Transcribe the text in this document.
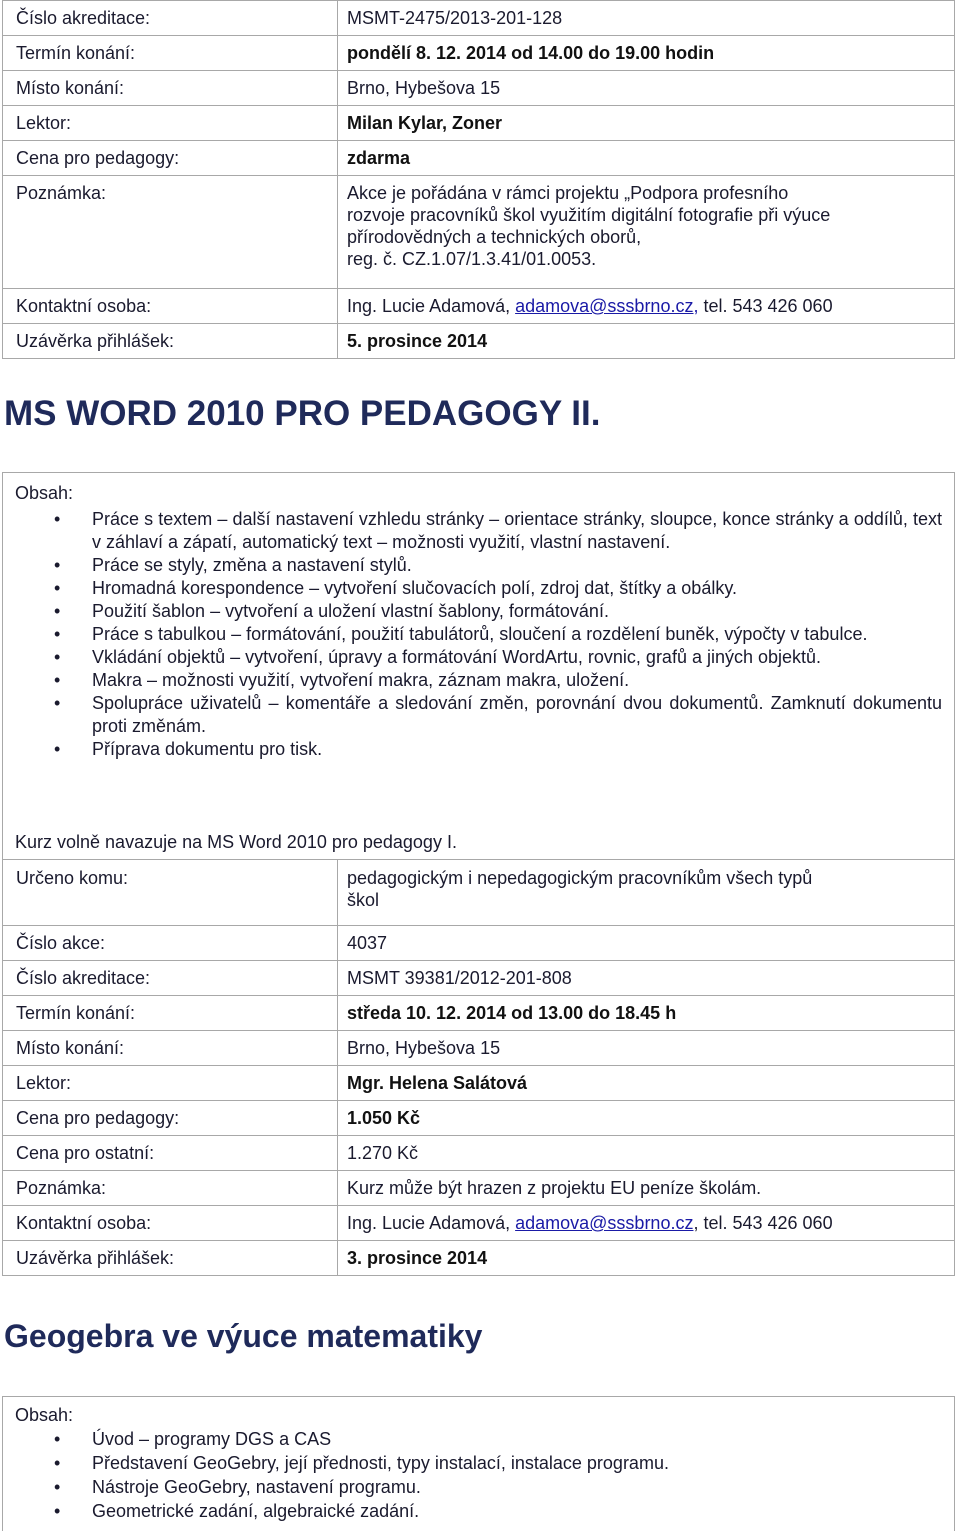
Číslo akreditace:	MSMT-2475/2013-201-128
Termín konání:	pondělí 8. 12. 2014 od 14.00 do 19.00 hodin
Místo konání:	Brno, Hybešova 15
Lektor:	Milan Kylar, Zoner
Cena pro pedagogy:	zdarma
Poznámka:	Akce je pořádána v rámci projektu „Podpora profesního
rozvoje pracovníků škol využitím digitální fotografie při výuce
přírodovědných a technických oborů,
reg. č. CZ.1.07/1.3.41/01.0053.

Kontaktní osoba:	Ing. Lucie Adamová, adamova@sssbrno.cz, tel. 543 426 060
Uzávěrka přihlášek:	5. prosince 2014
MS WORD 2010 PRO PEDAGOGY II.
Obsah:
• Práce s textem – další nastavení vzhledu stránky – orientace stránky, sloupce, konce stránky a oddílů, text v záhlaví a zápatí, automatický text – možnosti využití, vlastní nastavení.
• Práce se styly, změna a nastavení stylů.
• Hromadná korespondence – vytvoření slučovacích polí, zdroj dat, štítky a obálky.
• Použití šablon – vytvoření a uložení vlastní šablony, formátování.
• Práce s tabulkou – formátování, použití tabulátorů, sloučení a rozdělení buněk, výpočty v tabulce.
• Vkládání objektů – vytvoření, úpravy a formátování WordArtu, rovnic, grafů a jiných objektů.
• Makra – možnosti využití, vytvoření makra, záznam makra, uložení.
• Spolupráce uživatelů – komentáře a sledování změn, porovnání dvou dokumentů. Zamknutí dokumentu proti změnám.
• Příprava dokumentu pro tisk.
Kurz volně navazuje na MS Word 2010 pro pedagogy I.
Určeno komu:	pedagogickým i nepedagogickým pracovníkům všech typů
škol

Číslo akce:	4037
Číslo akreditace:	MSMT 39381/2012-201-808
Termín konání:	středa 10. 12. 2014 od 13.00 do 18.45 h
Místo konání:	Brno, Hybešova 15
Lektor:	Mgr. Helena Salátová
Cena pro pedagogy:	1.050 Kč
Cena pro ostatní:	1.270 Kč
Poznámka:	Kurz může být hrazen z projektu EU peníze školám.
Kontaktní osoba:	Ing. Lucie Adamová, adamova@sssbrno.cz, tel. 543 426 060
Uzávěrka přihlášek:	3. prosince 2014
Geogebra ve výuce matematiky
Obsah:
• Úvod – programy DGS a CAS
• Představení GeoGebry, její přednosti, typy instalací, instalace programu.
• Nástroje GeoGebry, nastavení programu.
• Geometrické zadání, algebraické zadání.
